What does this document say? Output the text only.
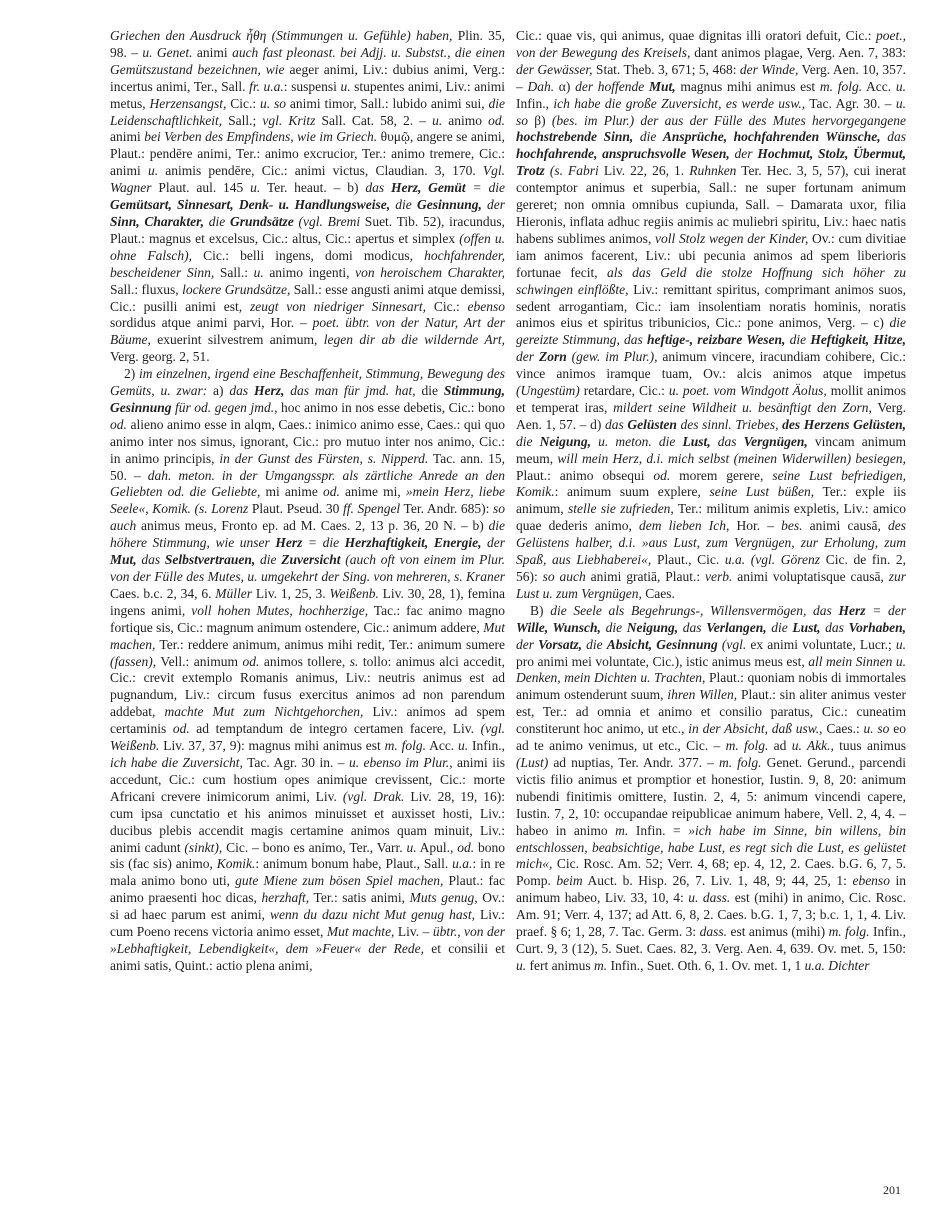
Griechen den Ausdruck ἦθη (Stimmungen u. Gefühle) haben, Plin. 35, 98. – u. Genet. animi auch fast pleonast. bei Adjj. u. Substst., die einen Gemütszustand bezeichnen, wie aeger animi, Liv.: dubius animi, Verg.: incertus animi, Ter., Sall. fr. u.a.: suspensi u. stupentes animi, Liv.: animi metus, Herzensangst, Cic.: u. so animi timor, Sall.: lubido animi sui, die Leidenschaftlichkeit, Sall.; vgl. Kritz Sall. Cat. 58, 2. – u. animo od. animi bei Verben des Empfindens, wie im Griech. θυμῷ, angere se animi, Plaut.: pendēre animi, Ter.: animo excrucior, Ter.: animo tremere, Cic.: animi u. animis pendēre, Cic.: animi victus, Claudian. 3, 170. Vgl. Wagner Plaut. aul. 145 u. Ter. heaut. – b) das Herz, Gemüt = die Gemütsart, Sinnesart, Denk- u. Handlungsweise, die Gesinnung, der Sinn, Charakter, die Grundsätze (vgl. Bremi Suet. Tib. 52), iracundus, Plaut.: magnus et excelsus, Cic.: altus, Cic.: apertus et simplex (offen u. ohne Falsch), Cic.: belli ingens, domi modicus, hochfahrender, bescheidener Sinn, Sall.: u. animo ingenti, von heroischem Charakter, Sall.: fluxus, lockere Grundsätze, Sall.: esse angusti animi atque demissi, Cic.: pusilli animi est, zeugt von niedriger Sinnesart, Cic.: ebenso sordidus atque animi parvi, Hor. – poet. übtr. von der Natur, Art der Bäume, exuerint silvestrem animum, legen dir ab die wildernde Art, Verg. georg. 2, 51.

2) im einzelnen, irgend eine Beschaffenheit, Stimmung, Bewegung des Gemüts, u. zwar: a) das Herz, das man für jmd. hat, die Stimmung, Gesinnung für od. gegen jmd., hoc animo in nos esse debetis, Cic.: bono od. alieno animo esse in alqm, Caes.: inimico animo esse, Caes.: qui quo animo inter nos simus, ignorant, Cic.: pro mutuo inter nos animo, Cic.: in animo principis, in der Gunst des Fürsten, s. Nipperd. Tac. ann. 15, 50. – dah. meton. in der Umgangsspr. als zärtliche Anrede an den Geliebten od. die Geliebte, mi anime od. anime mi, »mein Herz, liebe Seele«, Komik. (s. Lorenz Plaut. Pseud. 30 ff. Spengel Ter. Andr. 685): so auch animus meus, Fronto ep. ad M. Caes. 2, 13 p. 36, 20 N. – b) die höhere Stimmung, wie unser Herz = die Herzhaftigkeit, Energie, der Mut, das Selbstvertrauen, die Zuversicht (auch oft von einem im Plur. von der Fülle des Mutes, u. umgekehrt der Sing. von mehreren, s. Kraner Caes. b.c. 2, 34, 6. Müller Liv. 1, 25, 3. Weißenb. Liv. 30, 28, 1), femina ingens animi, voll hohen Mutes, hochherzige, Tac.: fac animo magno fortique sis, Cic.: magnum animum ostendere, Cic.: animum addere, Mut machen, Ter.: reddere animum, animus mihi redit, Ter.: animum sumere (fassen), Vell.: animum od. animos tollere, s. tollo: animus alci accedit, Cic.: crevit extemplo Romanis animus, Liv.: neutris animus est ad pugnandum, Liv.: circum fusus exercitus animos ad non parendum addebat, machte Mut zum Nichtgehorchen, Liv.: animos ad spem certaminis od. ad temptandum de integro certamen facere, Liv. (vgl. Weißenb. Liv. 37, 37, 9): magnus mihi animus est m. folg. Acc. u. Infin., ich habe die Zuversicht, Tac. Agr. 30 in. – u. ebenso im Plur., animi iis accedunt, Cic.: cum hostium opes animique crevissent, Cic.: morte Africani crevere inimicorum animi, Liv. (vgl. Drak. Liv. 28, 19, 16): cum ipsa cunctatio et his animos minuisset et auxisset hosti, Liv.: ducibus plebis accendit magis certamine animos quam minuit, Liv.: animi cadunt (sinkt), Cic. – bono es animo, Ter., Varr. u. Apul., od. bono sis (fac sis) animo, Komik.: animum bonum habe, Plaut., Sall. u.a.: in re mala animo bono uti, gute Miene zum bösen Spiel machen, Plaut.: fac animo praesenti hoc dicas, herzhaft, Ter.: satis animi, Muts genug, Ov.: si ad haec parum est animi, wenn du dazu nicht Mut genug hast, Liv.: cum Poeno recens victoria animo esset, Mut machte, Liv. – übtr., von der »Lebhaftigkeit, Lebendigkeit«, dem »Feuer« der Rede, et consilii et animi satis, Quint.: actio plena animi,

Cic.: quae vis, qui animus, quae dignitas illi oratori defuit, Cic.: poet., von der Bewegung des Kreisels, dant animos plagae, Verg. Aen. 7, 383: der Gewässer, Stat. Theb. 3, 671; 5, 468: der Winde, Verg. Aen. 10, 357. – Dah. α) der hoffende Mut, magnus mihi animus est m. folg. Acc. u. Infin., ich habe die große Zuversicht, es werde usw., Tac. Agr. 30. – u. so β) (bes. im Plur.) der aus der Fülle des Mutes hervorgegangene hochstrebende Sinn, die Ansprüche, hochfahrenden Wünsche, das hochfahrende, anspruchsvolle Wesen, der Hochmut, Stolz, Übermut, Trotz (s. Fabri Liv. 22, 26, 1. Ruhnken Ter. Hec. 3, 5, 57), cui inerat contemptor animus et superbia, Sall.: ne super fortunam animum gereret; non omnia omnibus cupiunda, Sall. – Damarata uxor, filia Hieronis, inflata adhuc regiis animis ac muliebri spiritu, Liv.: haec natis habens sublimes animos, voll Stolz wegen der Kinder, Ov.: cum divitiae iam animos facerent, Liv.: ubi pecunia animos ad spem liberioris fortunae fecit, als das Geld die stolze Hoffnung sich höher zu schwingen einflößte, Liv.: remittant spiritus, comprimant animos suos, sedent arrogantiam, Cic.: iam insolentiam noratis hominis, noratis animos eius et spiritus tribunicios, Cic.: pone animos, Verg. – c) die gereizte Stimmung, das heftige-, reizbare Wesen, die Heftigkeit, Hitze, der Zorn (gew. im Plur.), animum vincere, iracundiam cohibere, Cic.: vince animos iramque tuam, Ov.: alcis animos atque impetus (Ungestüm) retardare, Cic.: u. poet. vom Windgott Äolus, mollit animos et temperat iras, mildert seine Wildheit u. besänftigt den Zorn, Verg. Aen. 1, 57. – d) das Gelüsten des sinnl. Triebes, des Herzens Gelüsten, die Neigung, u. meton. die Lust, das Vergnügen, vincam animum meum, will mein Herz, d.i. mich selbst (meinen Widerwillen) besiegen, Plaut.: animo obsequi od. morem gerere, seine Lust befriedigen, Komik.: animum suum explere, seine Lust büßen, Ter.: exple iis animum, stelle sie zufrieden, Ter.: militum animis expletis, Liv.: amico quae dederis animo, dem lieben Ich, Hor. – bes. animi causā, des Gelüstens halber, d.i. »aus Lust, zum Vergnügen, zur Erholung, zum Spaß, aus Liebhaberei«, Plaut., Cic. u.a. (vgl. Görenz Cic. de fin. 2, 56): so auch animi gratiā, Plaut.: verb. animi voluptatisque causā, zur Lust u. zum Vergnügen, Caes.

B) die Seele als Begehrungs-, Willensvermögen, das Herz = der Wille, Wunsch, die Neigung, das Verlangen, die Lust, das Vorhaben, der Vorsatz, die Absicht, Gesinnung (vgl. ex animi voluntate, Lucr.; u. pro animi mei voluntate, Cic.), istic animus meus est, all mein Sinnen u. Denken, mein Dichten u. Trachten, Plaut.: quoniam nobis di immortales animum ostenderunt suum, ihren Willen, Plaut.: sin aliter animus vester est, Ter.: ad omnia et animo et consilio paratus, Cic.: cuneatim constiterunt hoc animo, ut etc., in der Absicht, daß usw., Caes.: u. so eo ad te animo venimus, ut etc., Cic. – m. folg. ad u. Akk., tuus animus (Lust) ad nuptias, Ter. Andr. 377. – m. folg. Genet. Gerund., parcendi victis filio animus et promptior et honestior, Iustin. 9, 8, 20: animum nubendi finitimis omittere, Iustin. 2, 4, 5: animum vincendi capere, Iustin. 7, 2, 10: occupandae reipublicae animum habere, Vell. 2, 4, 4. – habeo in animo m. Infin. = »ich habe im Sinne, bin willens, bin entschlossen, beabsichtige, habe Lust, es regt sich die Lust, es gelüstet mich«, Cic. Rosc. Am. 52; Verr. 4, 68; ep. 4, 12, 2. Caes. b.G. 6, 7, 5. Pomp. beim Auct. b. Hisp. 26, 7. Liv. 1, 48, 9; 44, 25, 1: ebenso in animum habeo, Liv. 33, 10, 4: u. dass. est (mihi) in animo, Cic. Rosc. Am. 91; Verr. 4, 137; ad Att. 6, 8, 2. Caes. b.G. 1, 7, 3; b.c. 1, 1, 4. Liv. praef. § 6; 1, 28, 7. Tac. Germ. 3: dass. est animus (mihi) m. folg. Infin., Curt. 9, 3 (12), 5. Suet. Caes. 82, 3. Verg. Aen. 4, 639. Ov. met. 5, 150: u. fert animus m. Infin., Suet. Oth. 6, 1. Ov. met. 1, 1 u.a. Dichter

201
